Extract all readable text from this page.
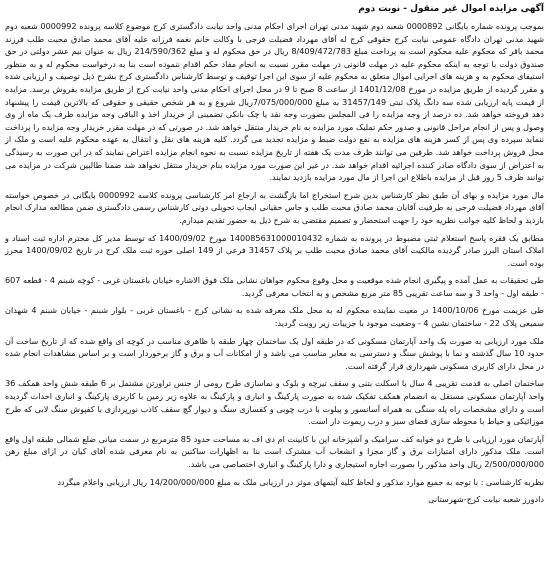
آگهی مزایده اموال غیر منقول - نوبت دوم

بموجب پرونده شماره بایگانی 0000892 شعبه دوم شهید مدنی تهران اجرای احکام مدنی واحد نیابت دادگستری کرج موضوع کلاسه پرونده 0000992 شعبه دوم شهید مدنی تهران دادگاه عمومی نیابت کرج حقوقی کرج له آقای مهرداد فضیلت فرجی با وکالت خانم نغمه فرزانه علیه آقای محمد صادق محبت طلب فرزند محمد باقر که محکوم علیه محکوم است به پرداخت مبلغ 8/409/472/783 ریال در حق محکوم له و مبلغ 214/590/362 ریال به عنوان نیم عشر دولتی در حق صندوق دولت با توجه به اینکه محکوم علیه در مهلت قانونی در مهلت مقرر نسبت به انجام مفاد حکم اقدام ننموده است بنا به درخواست محکوم له و به منظور استیفای محکوم به و هزینه های اجرایی اموال متعلق به محکوم علیه از سوی این اجرا توقیف و توسط کارشناس دادگستری کرج بشرح ذیل توصیف و ارزیابی شده و مقرر گردیده از طریق مزایده در مورخ 1401/12/08 از ساعت 8 صبح تا 9 در محل اجرای احکام مدنی واحد نیابت کرج از طریق مزایده بفروش برسد. مزایده از قیمت پایه ارزیابی شده سه دانگ پلاک ثبتی 31457/149 به مبلغ 7/075/000/000ریال شروع و به هر شخص حقیقی و حقوقی که بالاترین قیمت را پیشنهاد دهد فروخته خواهد شد. ده درصد از وجه مزایده را فی المجلس بصورت وجه نقد یا چک بانکی تضمینی از خریدار اخذ و الباقی وجه مزایده ظرف یک ماه از وی وصول و پس از انجام مراحل قانونی و صدور حکم تملیک مورد مزایده به نام خریدار منتقل خواهد شد. در صورتی که در مهلت مقرر خریدار وجه مزایده را پرداخت ننماید سپرده وی پس از کسر هزینه های مزایده به نفع دولت ضبط و مزایده تجدید می گردد. کلیه هزینه های نقل و انتقال به عهده محکوم علیه است و ملک از محل فروش پرداخت خواهد شد. طرفین می توانند ظرف مدت یک هفته از تاریخ مزایده نسبت به نحوه انجام مزایده اعتراض نمایند که در این صورت به رسیدگی به اعتراض از سوی دادگاه صادر کننده اجرائیه اقدام خواهد شد. در غیر این صورت مورد مزایده بنام خریدار منتقل نخواهد شد ضمنا طالبین شرکت در مزایده می توانند ظرف 5 روز قبل از مزایده باطلاع این اجرا از مال مورد مزایده بازدید نمایند.

مال مورد مزایده و بهای آن طبق نظر کارشناس بدین شرح استخراج اما بازگشت به ارجاع امر کارشناسی پرونده کلاسه 0000992 بایگانی در خصوص خواسته آقای مهرداد فضیلت فرجی به طرفیت آقایان محمد صادق محبت طلب و جاس حقیانی ایجاب تحویلی دوتی کارشناس رسمی دادگستری ضمن مطالعه مدارک انجام بازدید و لحاظ کلیه جوانب نظریه خود را جهت استحضار و تصمیم مقتضی به شرح ذیل به حضور تقدیم میدارم.

مطابق یک فقره پاسخ استعلام ثبتی مضبوط در پرونده به شماره 140085631000010432 مورخ 1400/09/02 که توسط مدیر کل محترم اداره ثبت اسناد و املاک استان البرز صادر گردیده مالکیت آقای محمد صادق محبت طلب بر پلاک 31457 فرعی از 149 اصلی حوزه ثبت ملک کرج در تاریخ 1400/09/02 محرز بوده است.

طی تحقیقات به عمل آمده و پیگیری انجام شده موقعیت و محل وقوع محکوم جواهان نشانی ملک فوق الاشاره خیابان باغستان غربی - کوچه شبنم 4 - قطعه 607 - طبقه اول - واحد 3 و سه ساعت تقریبی 85 متر مربع مشخص و به انتخاب معرفی گردید.

طی عزیمت مورخ 1400/10/06 در معیت نماینده محکوم له به محل ملک معرفه شده به نشانی کرج - باغستان غربی - بلوار شبنم - خیابان شبنم 4 شهدان سمیعی پلاک 22 - ساختمان نشین 4 - وضعیت موجود با جزییات زیر رویت گردید:

ملک مورد ارزیابی به صورت یک واحد آپارتمان مسکونی که در طبقه اول یک ساختمان چهار طبقه با ظاهری مناسب در کوچه ای واقع شده که از تاریخ ساخت آن حدود 10 سال گذشته و نما با پوشش سنگ و دسترسی به معابر مناسب می باشد و از امکانات آب و برق و گاز برخوردار است و بر اساس مشاهدات انجام شده در محل دارای کاربری مسکونی شهرداری قرار گرفته است.

ساختمان اصلی به قدمت تقریبی 4 سال با اسکلت بتنی و سقف تیرچه و بلوک و نماسازی طرح رومی از جنس تراورتن مشتمل بر 6 طبقه شش واحد همکف 36 واحد آپارتمان مسکونی مستقل به انضمام همکف تفکیک شده به صورت پارکینگ و انباری و پارکینگ به علاوه زیر زمین با کاربری پارکینگ و انباری احداث گردیده است و دارای مشخصات راه پله سنگی به همراه آسانسور و پیلوت با درب چوبی و کفسازی سنگ و دیوار گچ سقف کاذب نورپردازی با کفپوش سنگ لابی که طرح موزائیکی و حیاط با محوطه سازی فضای سبز و درب ریموت دار است.

آپارتمان مورد ارزیابی با طرح دو خوابه کف سرامیک و آشپزخانه اپن با کابینت ام دی اف به مساحت حدود 85 مترمربع در سمت میانی ضلع شمالی طبقه اول واقع است. ملک مذکور دارای امتیازات برق و گاز مجزا و انشعاب آب مشترک است بنا به اظهارات ساکنین به نام معرفی شده آقای کیان در ازای مبلغ رهن 2/500/000/000 ریال واحد مذکور را بصورت اجاره استیجاری و دارا پارکینگ و انباری اختصاصی می باشد.

نظریه کارشناسی : با توجه به جمیع موارد مذکور و لحاظ کلیه آیتمهای موثر در ارزیابی ملک به مبلغ 14/200/000/000 ریال ارزیابی واعلام میگردد

دادورز شعبه نیابت کرج-شهرستانی
